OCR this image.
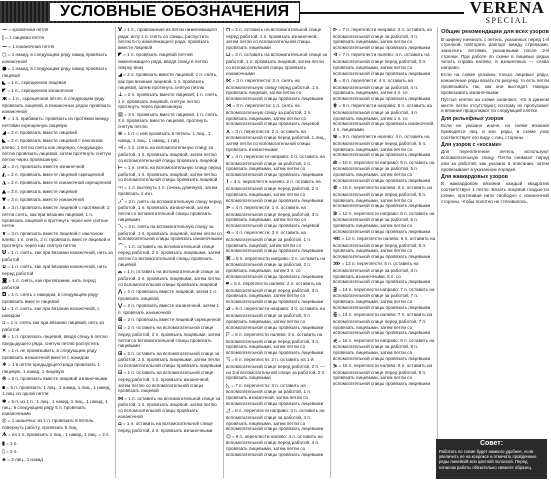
УСЛОВНЫЕ ОБОЗНАЧЕНИЯ	VERENA
SPECIAL
— = кромочная петля
| = 1 лицевая петля
— = 1 изнаночная петля
○ = 1 накид, в следующем ряду накид провязать изнаночной
● = 1 накид, в следующем ряду накид провязать лицевой
◣ = 1 п., скрещенная лицевая
◤ = 1 п., скрещенная изнаночная
ж = 1 п., скрещенная петля, в следующем ряду провязать лицевой, в изнаночных рядах провязать изнаночной
♦ = 1 п. прибавить: провязать из протяжки между петлями скрещенную лицевую
◢ = 2 п. провязать вместе лицевой
◣ = 2 п. провязать вместе лицевой с наклоном влево: 1 петлю снять как лицевую, следующую петлю провязать лицевой, затем протянуть снятую петлю через провязанную
⊿ = 2 п. провязать вместе изнаночной
◭ = 2 п. провязать вместе лицевой скрещенной
◮ = 2 п. провязать вместе изнаночной скрещенной
▲ = 3 п. провязать вместе лицевой
▼ = 3 п. провязать вместе изнаночной
∧ = 3 п. провязать вместе лицевой с протяжкой: 2 петли снять, как при вязании лицевой, 1 п. провязать лицевой и протянуть через нее снятые петли
∨ = 3 п. провязать вместе лицевой с наклоном влево: 1 п. снять, 2 п. провязать вместе лицевой и протянуть через них снятую петлю
U = 1 п. снять, как при вязании изнаночной, нить за работой
∪ = 1 п. снять, как при вязании изнаночной, нить перед работой
◙ = 1 п. снять, как при вязании, нить перед работой
◘ = 1 п. снять с накидом, в следующем ряду провязать вместе лицевой
⊔ = 1 п. снять, как при вязании изнаночной, с накидом
▫ = 1 п. снять как при вязании лицевой, нить за работой
⊕ = 1 п. провязать лицевой, вводя спицу в петлю предыдущего ряда, снятую петлю распустить
✕ = 1 п. не провязывать; в следующем ряду провязать изнаночной вместе с накидом
❖ = 1 в петле предыдущего ряда провязать 1 лицевую, 1 накид, 1 лицевую
⊗ = 3 п. провязать вместе лицевой изнаночными
∎ = 5 п. провязать: 1 лиц., 1 накид, 1 лиц., 1 накид, 1 лиц. из одной петли
✱ = 5 п. из 1 п.: 1 лиц., 1 накид, 1 лиц., 1 накид, 1 лиц.; в следующем ряду 5 п. провязать изнаночными
◎ = 1 шишечка: из 1 п. провязать 5 петель, повернуть работу, провязать 5 лиц.
ᗑ = из 1 п. провязать 1 лиц., 1 накид, 1 лиц. = 3 п.
▮ = 1 п.
▯ = 3 п.
◈ = 3 лиц., 1 накид
V = 1 п., провязанная из петли нижележащего ряда: иглу 1 п. снять со спицы, распустить петлю 5-го нижележащего ряда, провязать вместе лицевой
◤ = 1 п. провязать лицевой петлей нижележащего ряда, вводя спицу в петлю сверху вниз
◢ = 2 п. провязать вместе лицевой: 1 п. снять, как при вязании лицевой, 1 п. провязать лицевой, затем протянуть снятую петлю
⊥ = 2 п. провязать вместе лицевой; 1 п. снять, 1 п. провязать лицевой, снятую петлю протянуть через провязанную
▤ = 3 п. провязать вместе лицевой, 1 п. снять, 2 п. провязать вместе лицевой, протянуть снятую петлю
≡ = 1 п. с ней провязать 5 петель: 1 лиц., 1 накид, 1 лиц., 1 накид, 1 лиц.
⊣ = 1 п. снять на вспомогательную спицу за работой, 1 п. провязать лицевой, затем петлю со вспомогательной спицы провязать лицевой
⊢ = 1 п. снять на вспомогательную спицу перед работой, 1 п. провязать лицевой, затем петлю со вспомогательной спицы провязать лицевой
⋯ = 1 п. вытянуть 1 п. (очень длинную), затем провязать 1 изн.
⋰ = 2 п. снять на вспомогательную спицу перед работой, 1 п. провязать изнаночной, затем петли со вспомогательной спицы провязать лицевыми
⋱ = 2 п. снять на вспомогательную спицу за работой, 1 п. провязать лицевой, затем петли со вспомогательной спицы провязать изнаночными
⌒ = 1 п. оставить на вспомогательной спице перед работой, 2 п. провязать лицевыми, затем петлю со вспомогательной спицы провязать лицевой
⌓ = 1 п. оставить на вспомогательной спице за работой, 2 п. провязать лицевыми, затем петлю со вспомогательной спицы провязать лицевой
⋀ = 2 п. провязать вместе лицевой, затем 1 п. провязать лицевой
⋁ = 2 п. провязать вместе изнаночной, затем 1 п. провязать изнаночной
⊠ = 2 п. провязать вместе лицевой скрещенной
⊡ = 2 п. оставить на вспомогательной спице перед работой, 2 п. провязать лицевыми, затем петли со вспомогательной спицы провязать лицевыми
⊞ = 2 п. оставить на вспомогательной спице за работой, 2 п. провязать лицевыми, затем петли со вспомогательной спицы провязать лицевыми
⊟ = 1 п. оставить на вспомогательной спице перед работой, 1 п. провязать изнаночной, затем петлю со вспомогательной спицы провязать лицевой
⋈ = 1 п. оставить на вспомогательной спице за работой, 1 п. провязать лицевой, затем петлю со вспомогательной спицы провязать изнаночной
⌂ = 1 п. оставить на вспомогательной спице перед работой, 2 п. провязать изнаночными
⊓ = 3 п. оставить на вспомогательной спице перед работой, 1 п. провязать изнаночной, затем петли со вспомогательной спицы провязать лицевыми
⊔ = 3 п. оставить на вспомогательной спице за работой, 1 п. провязать лицевой, затем петли со вспомогательной спицы провязать изнаночными
⋉ = 3 п. переплести: 2 п. снять на вспомогательную спицу перед работой, 1 п. провязать лицевой, затем петли со вспомогательной спицы провязать лицевыми
⋊ = 3 п. переплести: 1 п. снять на вспомогательную спицу за работой, 2 п. провязать лицевыми, затем петлю со вспомогательной спицы провязать лицевой
⋏ = 3 п. переплести: 2 п. оставить на вспомогательной спице перед работой, 1 лиц., затем петли со вспомогательной спицы провязать изнаночными
⋎ = 4 п. переплести направо: 2 п. оставить на вспомогательной спице за работой, 2 п. провязать лицевыми, затем петли со вспомогательной спицы провязать лицевыми
⌇ = 4 п. переплести налево: 2 п. оставить на вспомогательной спице перед работой, 2 п. провязать лицевыми, затем петли со вспомогательной спицы провязать лицевыми
⋗ = 4 п. переплести: 1 п. оставить на вспомогательной спице перед работой, 3 п. провязать лицевыми, затем петлю со вспомогательной спицы провязать лицевой
⋖ = 4 п. переплести: 3 п. оставить на вспомогательной спице за работой, 1 п. провязать лицевой, затем петли со вспомогательной спицы провязать лицевыми
⌘ = 5 п. переплести направо: 3 п. оставить на вспомогательной спице за работой, 2 п. провязать лицевыми, затем 3 п. со вспомогательной спицы провязать лицевыми
⌗ = 5 п. переплести налево: 2 п. оставить на вспомогательной спице перед работой, 3 п. провязать лицевыми, затем петли со вспомогательной спицы провязать лицевыми
⊿ = 6 п. переплести направо: 3 п. оставить на вспомогательной спице за работой, 3 п. провязать лицевыми, затем петли со вспомогательной спицы провязать лицевыми
◸ = 6 п. переплести налево: 3 п. оставить на вспомогательной спице перед работой, 3 п. провязать лицевыми, затем петли со вспомогательной спицы провязать лицевыми
◹ = 6 п. переплести: 2 п. оставить на 1-й вспомогательной спице перед работой, 2 п. — на 2-й вспомогательной спице за работой, 2 п. провязать лицевыми
◺ = 7 п. переплести: 3 п. оставить на вспомогательной спице за работой, 1 п. провязать изнаночной, затем петли со вспомогательной спицы провязать лицевыми
◿ = 8 п. переплести направо: 4 п. оставить на вспомогательной спице за работой, 4 п. провязать лицевыми, затем петли со вспомогательной спицы провязать лицевыми
⌬ = 8 п. переплести налево: 4 п. оставить на вспомогательной спице перед работой, 4 п. провязать лицевыми, затем петли со вспомогательной спицы провязать лицевыми
⊳ = 7 п. переплести направо: 3 п. оставить на вспомогательной спице за работой, 4 п. провязать лицевыми, затем петли со вспомогательной спицы провязать лицевыми
⊲ = 7 п. переплести налево: 4 п. оставить на вспомогательной спице перед работой, 3 п. провязать лицевыми, затем петли со вспомогательной спицы провязать лицевыми
⋔ = 8 п. переплести: 4 п. оставить на вспомогательной спице за работой, 4 п. провязать лицевыми, затем 4 п. со вспомогательной спицы провязать лицевыми
⋕ = 9 п. переплести направо: 5 п. оставить на вспомогательной спице за работой, 4 п. провязать лицевыми, затем 1 п. со вспомогательной спицы провязать изнаночной, 4 п. лицевыми
⋓ = 9 п. переплести налево: 4 п. оставить на вспомогательной спице перед работой, 5 п. провязать лицевыми, затем петли со вспомогательной спицы провязать лицевыми
⋒ = 10 п. переплести направо: 5 п. оставить на вспомогательной спице за работой, 5 п. провязать лицевыми, затем петли со вспомогательной спицы провязать лицевыми
⋐ = 10 п. переплести налево: 5 п. оставить на вспомогательной спице перед работой, 5 п. провязать лицевыми, затем петли со вспомогательной спицы провязать лицевыми
⋑ = 12 п. переплести направо: 6 п. оставить на вспомогательной спице за работой, 6 п. провязать лицевыми, затем петли со вспомогательной спицы провязать лицевыми
⋘ = 12 п. переплести налево: 6 п. оставить на вспомогательной спице перед работой, 6 п. провязать лицевыми, затем петли со вспомогательной спицы провязать лицевыми
⋙ = 13 п. переплести: 5 п. оставить на вспомогательной спице за работой, 3 п. провязать изнаночными, 5 п. со вспомогательной спицы провязать лицевыми
⋚ = 14 п. переплести направо: 7 п. оставить на вспомогательной спице за работой, 7 п. провязать лицевыми, затем петли со вспомогательной спицы провязать лицевыми
⋛ = 14 п. переплести налево: 7 п. оставить на вспомогательной спице перед работой, 7 п. провязать лицевыми, затем петли со вспомогательной спицы провязать лицевыми
⋞ = 16 п. переплести направо: 8 п. оставить на вспомогательной спице за работой, 8 п. провязать лицевыми, затем петли со вспомогательной спицы провязать лицевыми
⋟ = 16 п. переплести налево: 8 п. оставить на вспомогательной спице перед работой, 8 п. провязать лицевыми, затем петли со вспомогательной спицы провязать лицевыми
Общие рекомендации для всех узоров
В ширину начинать с петель, указанных перед 1-й стрелкой, повторять раппорт между стрелками, закончить петлями, указанными после 2-й стрелки. При работе по схеме в лицевых рядах читать справа налево, в изнаночных — слева направо.
Если на схеме указаны только лицевые ряды, изнаночные ряды вязать по рисунку, то есть петли провязывать так, как они выглядят. Накиды провязывать изнаночными.
Пустые клетки на схеме означают, что в данном месте петли отсутствуют, поэтому их пропускают и вязание продолжают по следующей клетке.
Для рельефных узоров
Если не указано иначе, на схеме вязания приводятся лиц. и изн. ряды, в схеме узор соответствует его виду с лиц. стороны.
Для узоров с «косами»
Для переплетения петель используют вспомогательную спицу. Петли снимают перед или за работой, как указано в описании, затем провязывают в указанном порядке.
Для жаккардовых узоров
В жаккардовом вязании каждый квадратик соответствует 1 петле. Вязать лицевой гладью по схеме, протягивая нити свободно с изнаночной стороны, чтобы полотно не стягивалось.
Совет:
Работать по схеме будет намного удобнее, если увеличить ее на ксероксе и отмечать пройденные ряды линейкой или цветной полоской. Перед началом работы обязательно свяжите образец.
